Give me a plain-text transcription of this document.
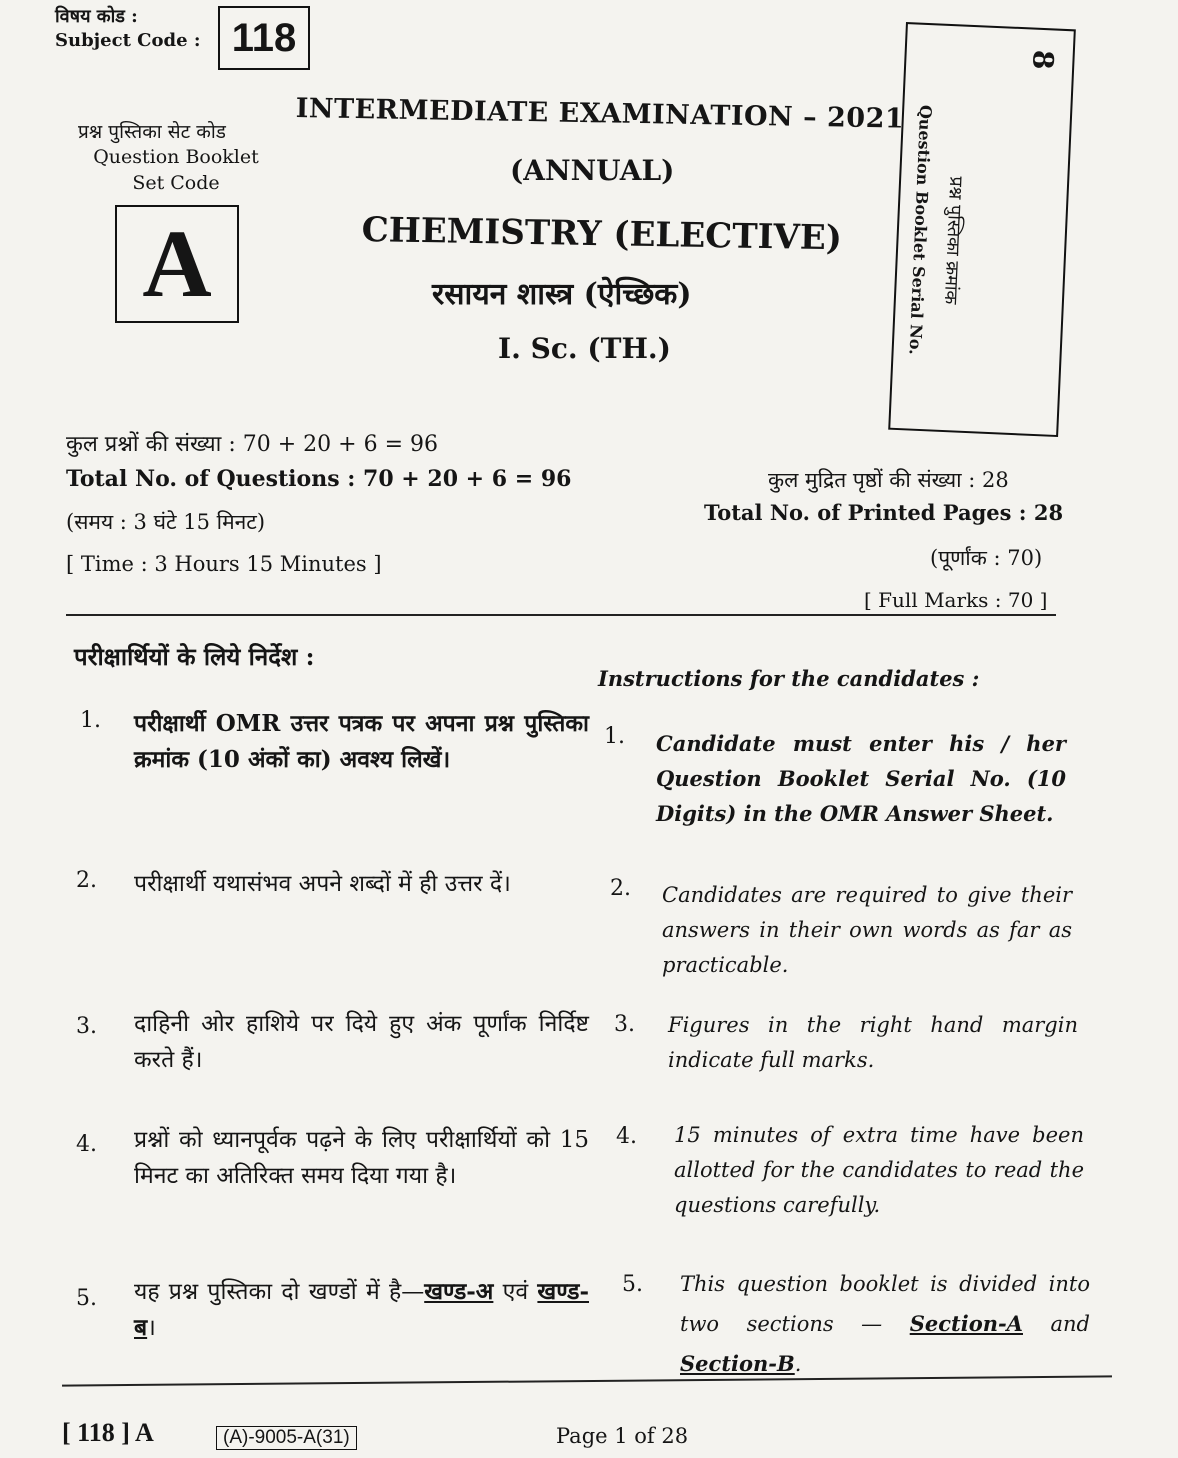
विषय कोड :
Subject Code : 118
प्रश्न पुस्तिका सेट कोड
Question Booklet
Set Code
A
INTERMEDIATE EXAMINATION – 2021
(ANNUAL)
CHEMISTRY (ELECTIVE)
रसायन शास्त्र (ऐच्छिक)
I. Sc. (TH.)	Question Booklet Serial No. प्रश्न पुस्तिका क्रमांक
8
कुल प्रश्नों की संख्या : 70 + 20 + 6 = 96
Total No. of Questions : 70 + 20 + 6 = 96
(समय : 3 घंटे 15 मिनट)
[ Time : 3 Hours 15 Minutes ]
कुल मुद्रित पृष्ठों की संख्या : 28
Total No. of Printed Pages : 28
(पूर्णांक : 70)
[ Full Marks : 70 ]
परीक्षार्थियों के लिये निर्देश :
Instructions for the candidates :
1. परीक्षार्थी OMR उत्तर पत्रक पर अपना प्रश्न पुस्तिका क्रमांक (10 अंकों का) अवश्य लिखें।
1. Candidate must enter his / her Question Booklet Serial No. (10 Digits) in the OMR Answer Sheet.
2. परीक्षार्थी यथासंभव अपने शब्दों में ही उत्तर दें।	2. Candidates are required to give their answers in their own words as far as practicable.
3. दाहिनी ओर हाशिये पर दिये हुए अंक पूर्णांक निर्दिष्ट करते हैं।
3. Figures in the right hand margin indicate full marks.
4. प्रश्नों को ध्यानपूर्वक पढ़ने के लिए परीक्षार्थियों को 15 मिनट का अतिरिक्त समय दिया गया है।
4. 15 minutes of extra time have been allotted for the candidates to read the questions carefully.
5. यह प्रश्न पुस्तिका दो खण्डों में है—खण्ड-अ एवं खण्ड-ब।
5. This question booklet is divided into two sections — Section-A and Section-B.
[ 118 ] A	(A)-9005-A(31)	Page 1 of 28
